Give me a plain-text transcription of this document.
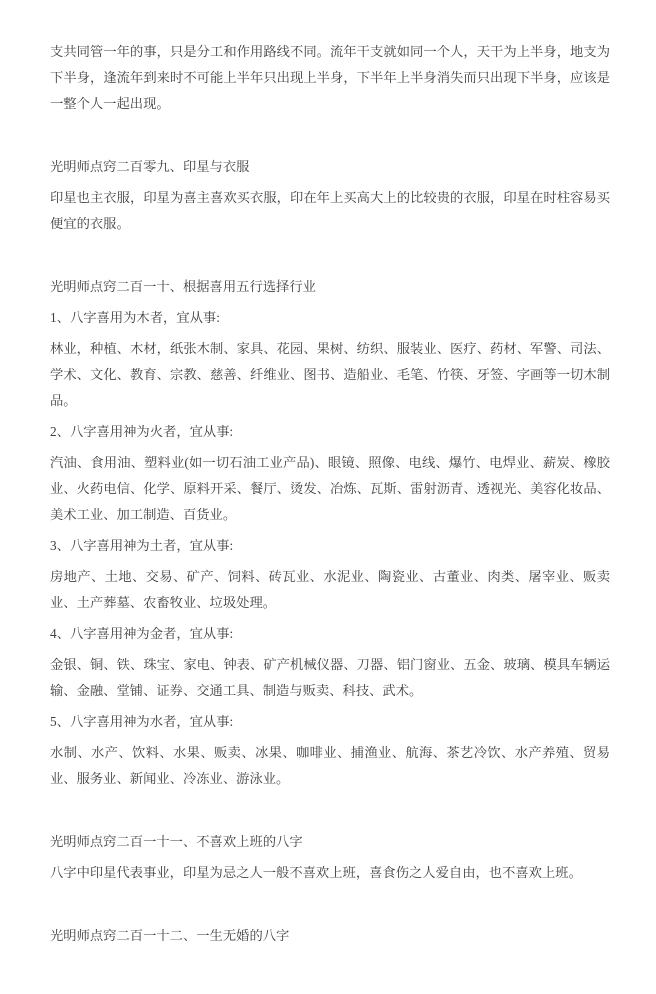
支共同管一年的事，只是分工和作用路线不同。流年干支就如同一个人，天干为上半身，地支为下半身，逢流年到来时不可能上半年只出现上半身，下半年上半身消失而只出现下半身，应该是一整个人一起出现。

光明师点窍二百零九、印星与衣服

印星也主衣服，印星为喜主喜欢买衣服，印在年上买高大上的比较贵的衣服，印星在时柱容易买便宜的衣服。

光明师点窍二百一十、根据喜用五行选择行业

1、八字喜用为木者，宜从事:

林业，种植、木材，纸张木制、家具、花园、果树、纺织、服装业、医疗、药材、军警、司法、学术、文化、教育、宗教、慈善、纤维业、图书、造船业、毛笔、竹筷、牙签、字画等一切木制品。

2、八字喜用神为火者，宜从事:

汽油、食用油、塑料业(如一切石油工业产品)、眼镜、照像、电线、爆竹、电焊业、薪炭、橡胶业、火药电信、化学、原料开采、餐厅、烫发、冶炼、瓦斯、雷射沥青、透视光、美容化妆品、美术工业、加工制造、百货业。

3、八字喜用神为土者，宜从事:

房地产、土地、交易、矿产、饲料、砖瓦业、水泥业、陶瓷业、古董业、肉类、屠宰业、贩卖业、土产葬墓、农畜牧业、垃圾处理。

4、八字喜用神为金者，宜从事:

金银、铜、铁、珠宝、家电、钟表、矿产机械仪器、刀器、铝门窗业、五金、玻璃、模具车辆运输、金融、堂铺、证券、交通工具、制造与贩卖、科技、武术。

5、八字喜用神为水者，宜从事:

水制、水产、饮料、水果、贩卖、冰果、咖啡业、捕渔业、航海、茶艺冷饮、水产养殖、贸易业、服务业、新闻业、冷冻业、游泳业。

光明师点窍二百一十一、不喜欢上班的八字

八字中印星代表事业，印星为忌之人一般不喜欢上班，喜食伤之人爱自由，也不喜欢上班。

光明师点窍二百一十二、一生无婚的八字
